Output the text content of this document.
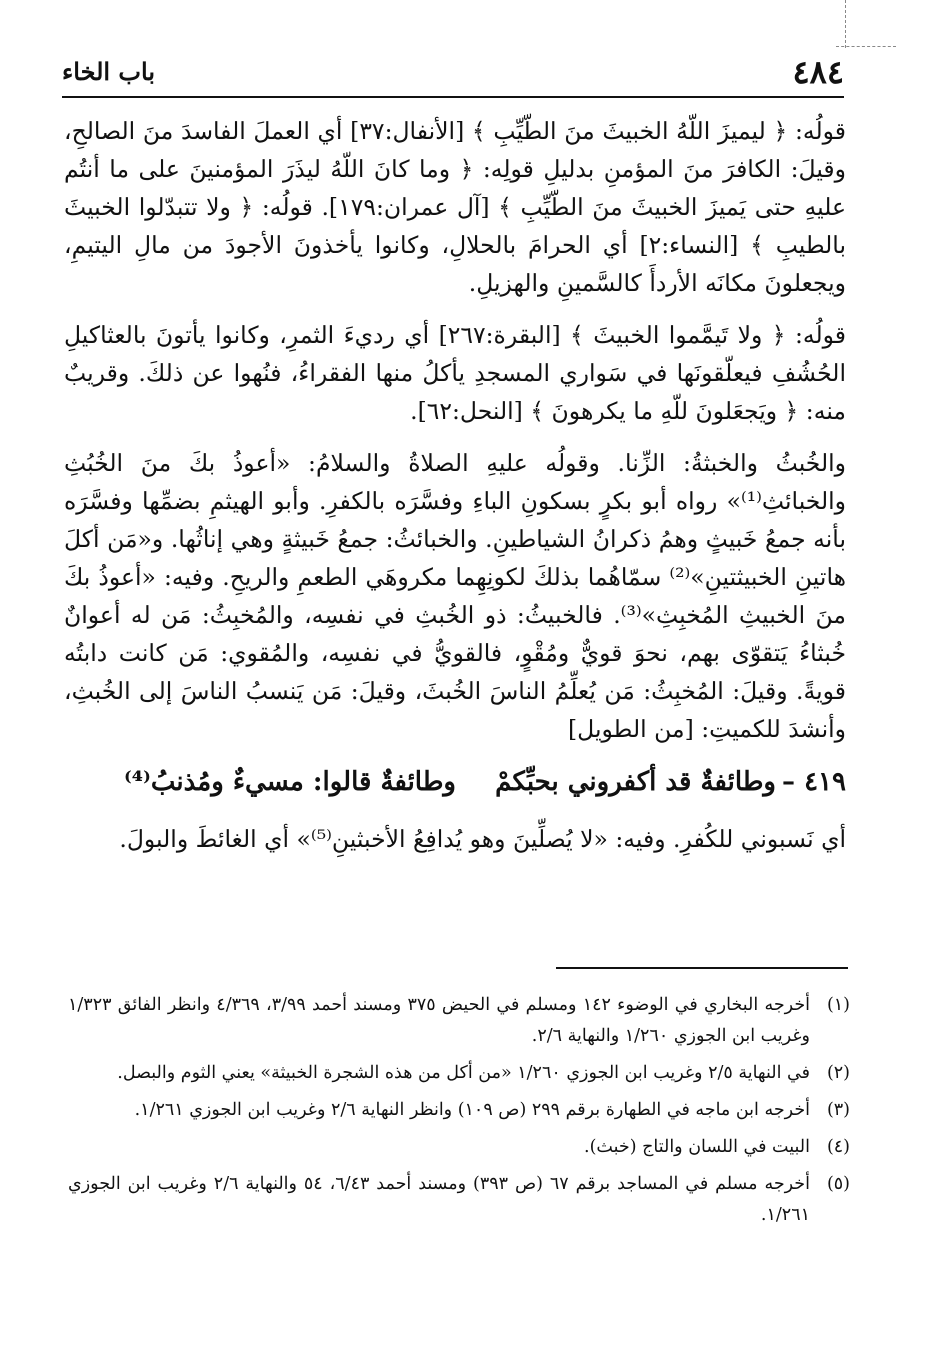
٤٨٤
باب الخاء

قولُه: ﴿ ليميزَ اللّهُ الخبيثَ منَ الطّيِّبِ ﴾ [الأنفال:٣٧] أي العملَ الفاسدَ منَ الصالحِ، وقيلَ: الكافرَ منَ المؤمنِ بدليلِ قولِه: ﴿ وما كانَ اللّهُ ليذَرَ المؤمنينَ على ما أنتُم عليهِ حتى يَميزَ الخبيثَ منَ الطّيِّبِ ﴾ [آل عمران:١٧٩]. قولُه: ﴿ ولا تتبدّلوا الخبيثَ بالطيبِ ﴾ [النساء:٢] أي الحرامَ بالحلالِ، وكانوا يأخذونَ الأجودَ من مالِ اليتيمِ، ويجعلونَ مكانَه الأردأَ كالسَّمينِ والهزيلِ.

قولُه: ﴿ ولا تَيمَّموا الخبيثَ ﴾ [البقرة:٢٦٧] أي رديءَ الثمرِ، وكانوا يأتونَ بالعثاكيلِ الحُشُفِ فيعلّقونَها في سَواري المسجدِ يأكلُ منها الفقراءُ، فنُهوا عن ذلكَ. وقريبٌ منه: ﴿ ويَجعَلونَ للّهِ ما يكرهونَ ﴾ [النحل:٦٢].

والخُبثُ والخبثةُ: الزِّنا. وقولُه عليهِ الصلاةُ والسلامُ: «أعوذُ بكَ منَ الخُبُثِ والخبائثِ⁽¹⁾» رواه أبو بكرٍ بسكونِ الباءِ وفسَّرَه بالكفرِ. وأبو الهيثمِ بضمِّها وفسَّرَه بأنه جمعُ خَبيثٍ وهمُ ذكرانُ الشياطينِ. والخبائثُ: جمعُ خَبيثةٍ وهي إناثُها. و«مَن أكلَ هاتينِ الخبيثتينِ»⁽²⁾ سمّاهُما بذلكَ لكونِهِما مكروهَي الطعمِ والريحِ. وفيه: «أعوذُ بكَ منَ الخبيثِ المُخبِثِ»⁽³⁾. فالخبيثُ: ذو الخُبثِ في نفسِه، والمُخبِثُ: مَن له أعوانٌ خُبثاءُ يَتقوّى بهم، نحوَ قويٌّ ومُقْوٍ، فالقويُّ في نفسِه، والمُقوي: مَن كانت دابتُه قويةً. وقيلَ: المُخبِثُ: مَن يُعلِّمُ الناسَ الخُبثَ، وقيلَ: مَن يَنسبُ الناسَ إلى الخُبثِ، وأنشدَ للكميتِ: [من الطويل]

٤١٩ –
وطائفةٌ قد أكفروني بحبِّكمْ
وطائفةٌ قالوا: مسيءٌ ومُذنبُ⁽⁴⁾

أي نَسبوني للكُفرِ. وفيه: «لا يُصلِّينَ وهو يُدافِعُ الأخبثينِ⁽⁵⁾» أي الغائطَ والبولَ.

(١)
أخرجه البخاري في الوضوء ١٤٢ ومسلم في الحيض ٣٧٥ ومسند أحمد ٣/٩٩، ٤/٣٦٩ وانظر الفائق ١/٣٢٣ وغريب ابن الجوزي ١/٢٦٠ والنهاية ٢/٦.
(٢)
في النهاية ٢/٥ وغريب ابن الجوزي ١/٢٦٠ «من أكل من هذه الشجرة الخبيثة» يعني الثوم والبصل.
(٣)
أخرجه ابن ماجه في الطهارة برقم ٢٩٩ (ص ١٠٩) وانظر النهاية ٢/٦ وغريب ابن الجوزي ١/٢٦١.
(٤)
البيت في اللسان والتاج (خبث).
(٥)
أخرجه مسلم في المساجد برقم ٦٧ (ص ٣٩٣) ومسند أحمد ٦/٤٣، ٥٤ والنهاية ٢/٦ وغريب ابن الجوزي ١/٢٦١.
